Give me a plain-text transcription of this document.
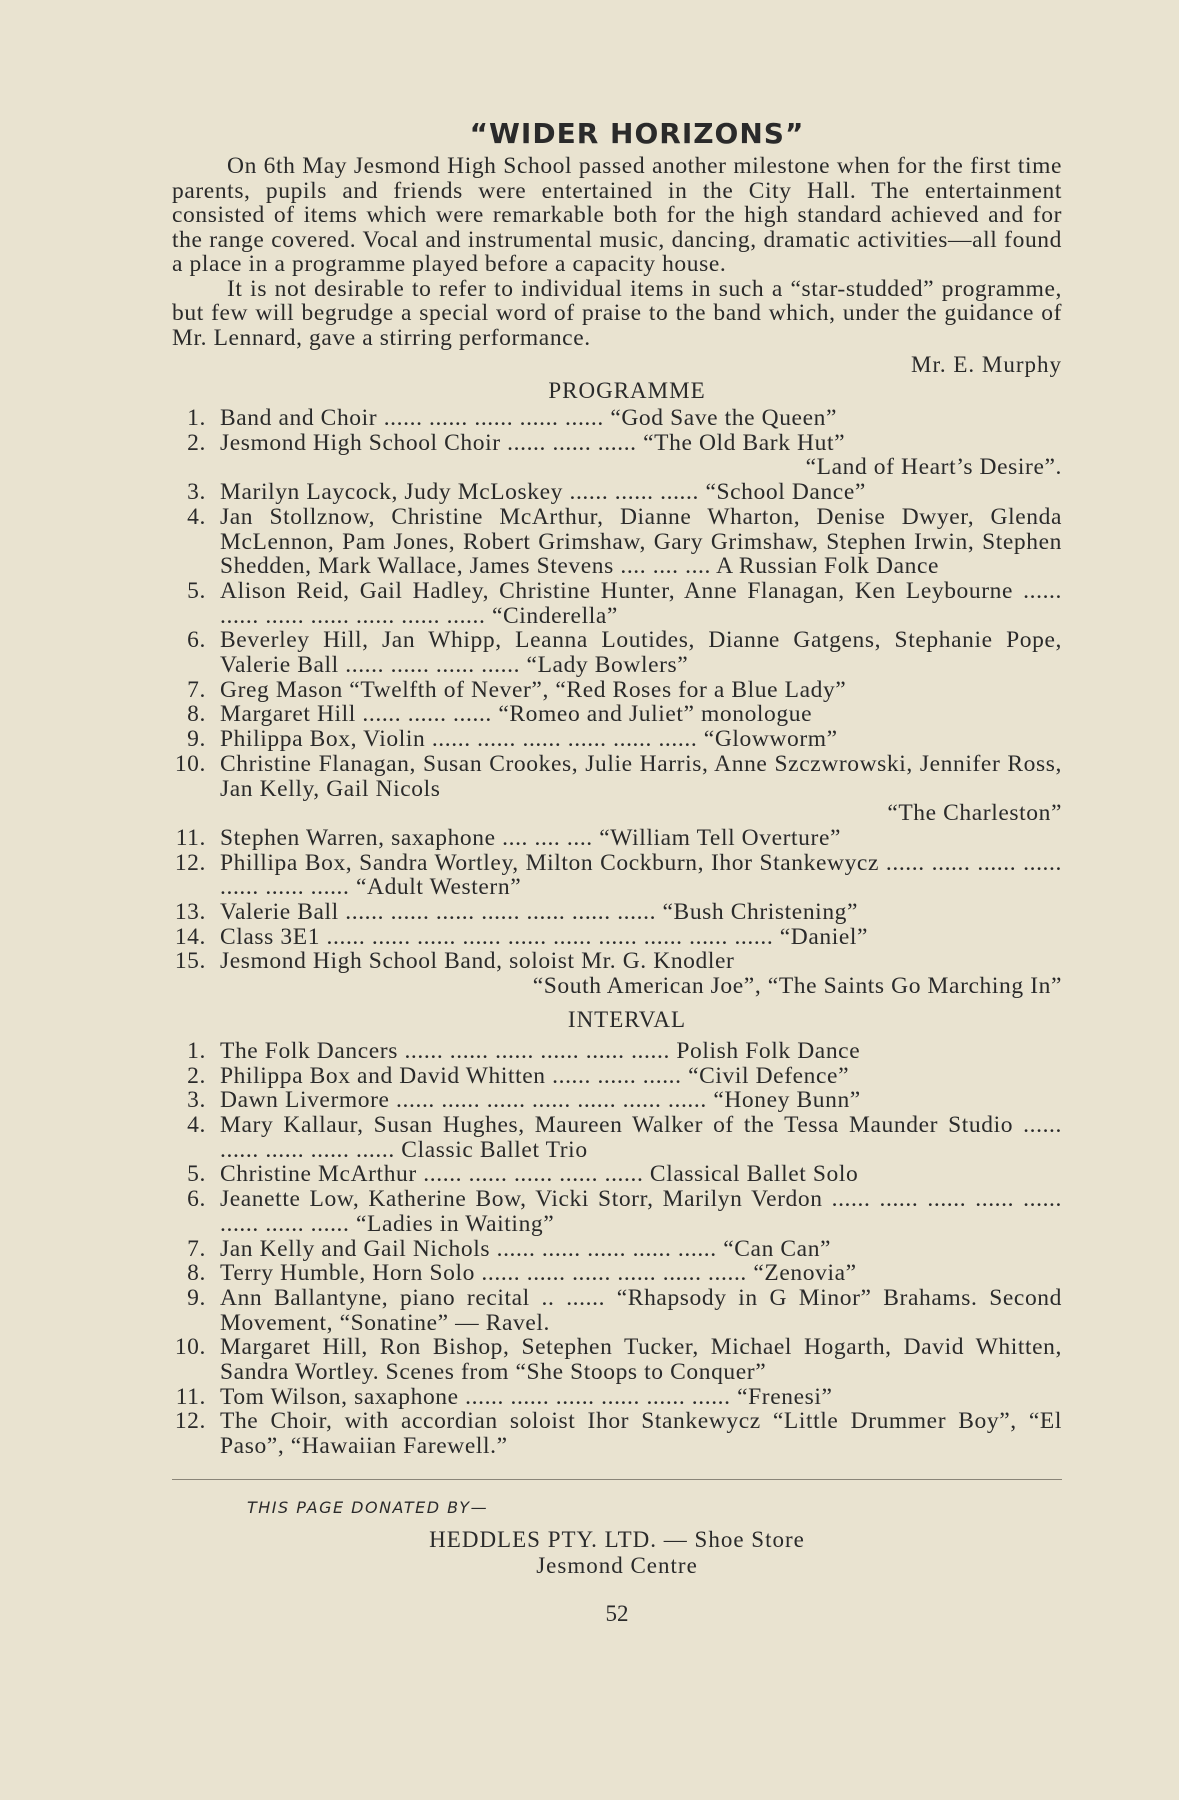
“WIDER HORIZONS”

On 6th May Jesmond High School passed another milestone when for the first time parents, pupils and friends were entertained in the City Hall. The entertainment consisted of items which were remarkable both for the high standard achieved and for the range covered. Vocal and instrumental music, dancing, dramatic activities—all found a place in a programme played before a capacity house.

It is not desirable to refer to individual items in such a “star-studded” programme, but few will begrudge a special word of praise to the band which, under the guidance of Mr. Lennard, gave a stirring performance.

Mr. E. Murphy
PROGRAMME
1. Band and Choir ...... ...... ...... ...... ...... “God Save the Queen”
2. Jesmond High School Choir ...... ...... ...... “The Old Bark Hut”
“Land of Heart’s Desire”.
3. Marilyn Laycock, Judy McLoskey ...... ...... ...... “School Dance”
4. Jan Stollznow, Christine McArthur, Dianne Wharton, Denise Dwyer, Glenda McLennon, Pam Jones, Robert Grimshaw, Gary Grimshaw, Stephen Irwin, Stephen Shedden, Mark Wallace, James Stevens .... .... .... A Russian Folk Dance
5. Alison Reid, Gail Hadley, Christine Hunter, Anne Flanagan, Ken Leybourne ...... ...... ...... ...... ...... ...... ...... “Cinderella”
6. Beverley Hill, Jan Whipp, Leanna Loutides, Dianne Gatgens, Stephanie Pope, Valerie Ball ...... ...... ...... ...... “Lady Bowlers”
7. Greg Mason “Twelfth of Never”, “Red Roses for a Blue Lady”
8. Margaret Hill ...... ...... ...... “Romeo and Juliet” monologue
9. Philippa Box, Violin ...... ...... ...... ...... ...... ...... “Glowworm”
10. Christine Flanagan, Susan Crookes, Julie Harris, Anne Szczwrowski, Jennifer Ross, Jan Kelly, Gail Nicols
“The Charleston”
11. Stephen Warren, saxaphone .... .... .... “William Tell Overture”
12. Phillipa Box, Sandra Wortley, Milton Cockburn, Ihor Stankewycz ...... ...... ...... ...... ...... ...... ...... “Adult Western”
13. Valerie Ball ...... ...... ...... ...... ...... ...... ...... “Bush Christening”
14. Class 3E1 ...... ...... ...... ...... ...... ...... ...... ...... ...... ...... “Daniel”
15. Jesmond High School Band, soloist Mr. G. Knodler
“South American Joe”, “The Saints Go Marching In”
INTERVAL
1. The Folk Dancers ...... ...... ...... ...... ...... ...... Polish Folk Dance
2. Philippa Box and David Whitten ...... ...... ...... “Civil Defence”
3. Dawn Livermore ...... ...... ...... ...... ...... ...... ...... “Honey Bunn”
4. Mary Kallaur, Susan Hughes, Maureen Walker of the Tessa Maunder Studio ...... ...... ...... ...... ...... Classic Ballet Trio
5. Christine McArthur ...... ...... ...... ...... ...... Classical Ballet Solo
6. Jeanette Low, Katherine Bow, Vicki Storr, Marilyn Verdon ...... ...... ...... ...... ...... ...... ...... ...... “Ladies in Waiting”
7. Jan Kelly and Gail Nichols ...... ...... ...... ...... ...... “Can Can”
8. Terry Humble, Horn Solo ...... ...... ...... ...... ...... ...... “Zenovia”
9. Ann Ballantyne, piano recital .. ...... “Rhapsody in G Minor” Brahams. Second Movement, “Sonatine” — Ravel.
10. Margaret Hill, Ron Bishop, Setephen Tucker, Michael Hogarth, David Whitten, Sandra Wortley. Scenes from “She Stoops to Conquer”
11. Tom Wilson, saxaphone ...... ...... ...... ...... ...... ...... “Frenesi”
12. The Choir, with accordian soloist Ihor Stankewycz “Little Drummer Boy”, “El Paso”, “Hawaiian Farewell.”
THIS PAGE DONATED BY—
HEDDLES PTY. LTD. — Shoe Store
Jesmond Centre
52
